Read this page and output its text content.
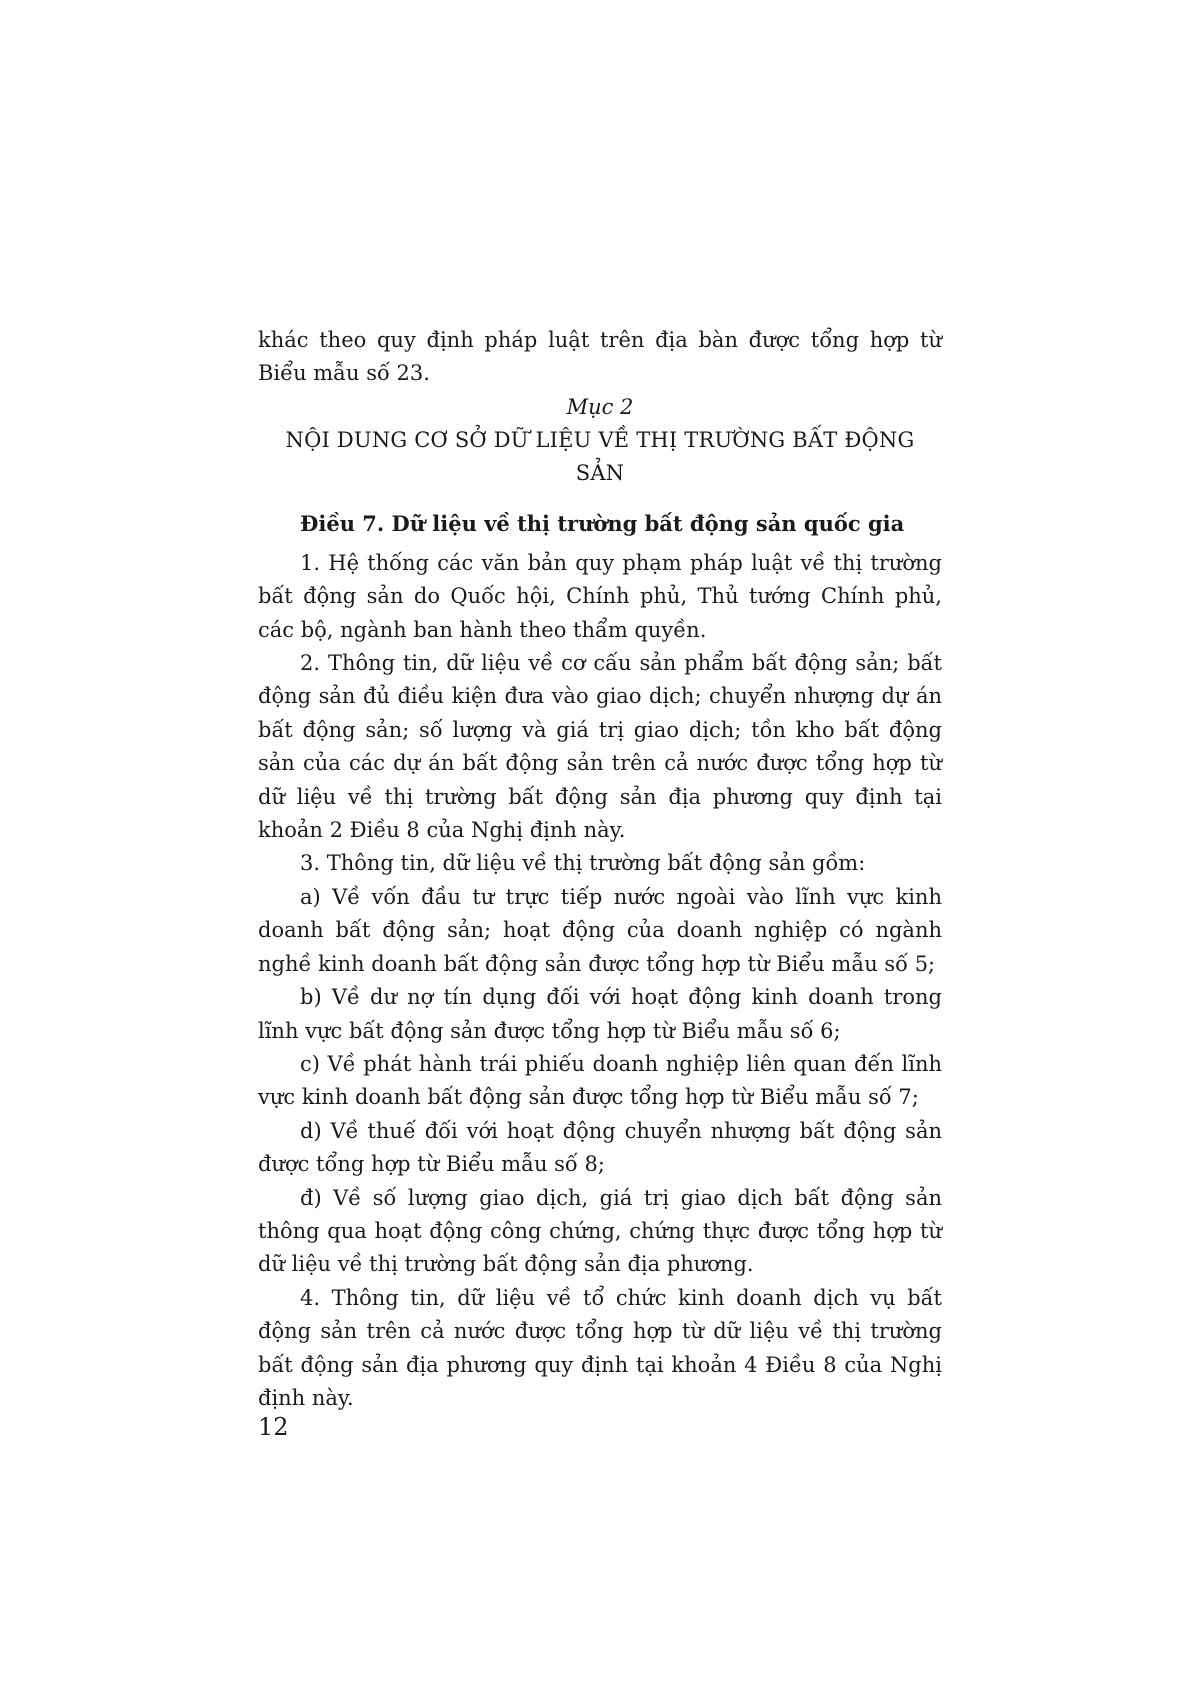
khác theo quy định pháp luật trên địa bàn được tổng hợp từ Biểu mẫu số 23.

Mục 2

NỘI DUNG CƠ SỞ DỮ LIỆU VỀ THỊ TRƯỜNG BẤT ĐỘNG SẢN

Điều 7. Dữ liệu về thị trường bất động sản quốc gia

1. Hệ thống các văn bản quy phạm pháp luật về thị trường bất động sản do Quốc hội, Chính phủ, Thủ tướng Chính phủ, các bộ, ngành ban hành theo thẩm quyền.

2. Thông tin, dữ liệu về cơ cấu sản phẩm bất động sản; bất động sản đủ điều kiện đưa vào giao dịch; chuyển nhượng dự án bất động sản; số lượng và giá trị giao dịch; tồn kho bất động sản của các dự án bất động sản trên cả nước được tổng hợp từ dữ liệu về thị trường bất động sản địa phương quy định tại khoản 2 Điều 8 của Nghị định này.

3. Thông tin, dữ liệu về thị trường bất động sản gồm:

a) Về vốn đầu tư trực tiếp nước ngoài vào lĩnh vực kinh doanh bất động sản; hoạt động của doanh nghiệp có ngành nghề kinh doanh bất động sản được tổng hợp từ Biểu mẫu số 5;

b) Về dư nợ tín dụng đối với hoạt động kinh doanh trong lĩnh vực bất động sản được tổng hợp từ Biểu mẫu số 6;

c) Về phát hành trái phiếu doanh nghiệp liên quan đến lĩnh vực kinh doanh bất động sản được tổng hợp từ Biểu mẫu số 7;

d) Về thuế đối với hoạt động chuyển nhượng bất động sản được tổng hợp từ Biểu mẫu số 8;

đ) Về số lượng giao dịch, giá trị giao dịch bất động sản thông qua hoạt động công chứng, chứng thực được tổng hợp từ dữ liệu về thị trường bất động sản địa phương.

4. Thông tin, dữ liệu về tổ chức kinh doanh dịch vụ bất động sản trên cả nước được tổng hợp từ dữ liệu về thị trường bất động sản địa phương quy định tại khoản 4 Điều 8 của Nghị định này.

12
